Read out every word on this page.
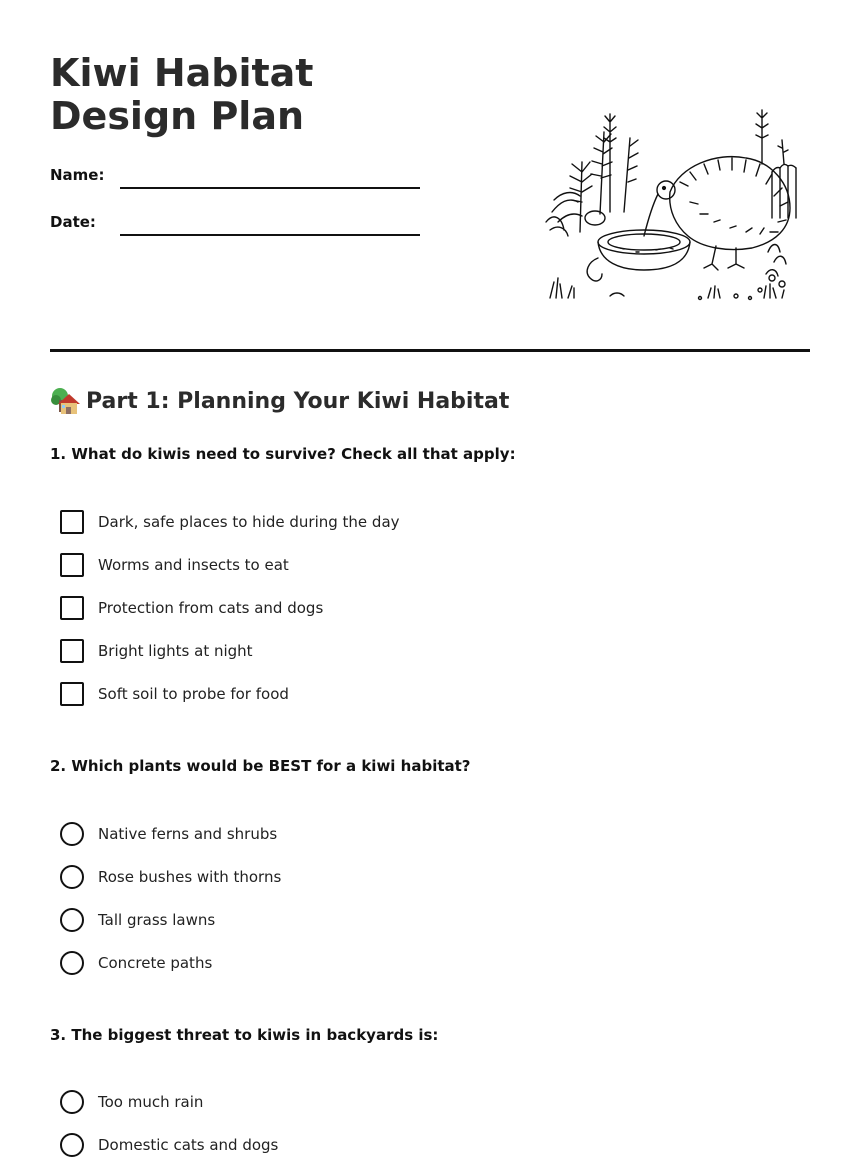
Kiwi Habitat Design Plan
Name:
Date:
Part 1: Planning Your Kiwi Habitat
1. What do kiwis need to survive? Check all that apply:
Dark, safe places to hide during the day
Worms and insects to eat
Protection from cats and dogs
Bright lights at night
Soft soil to probe for food
2. Which plants would be BEST for a kiwi habitat?
Native ferns and shrubs
Rose bushes with thorns
Tall grass lawns
Concrete paths
3. The biggest threat to kiwis in backyards is:
Too much rain
Domestic cats and dogs
